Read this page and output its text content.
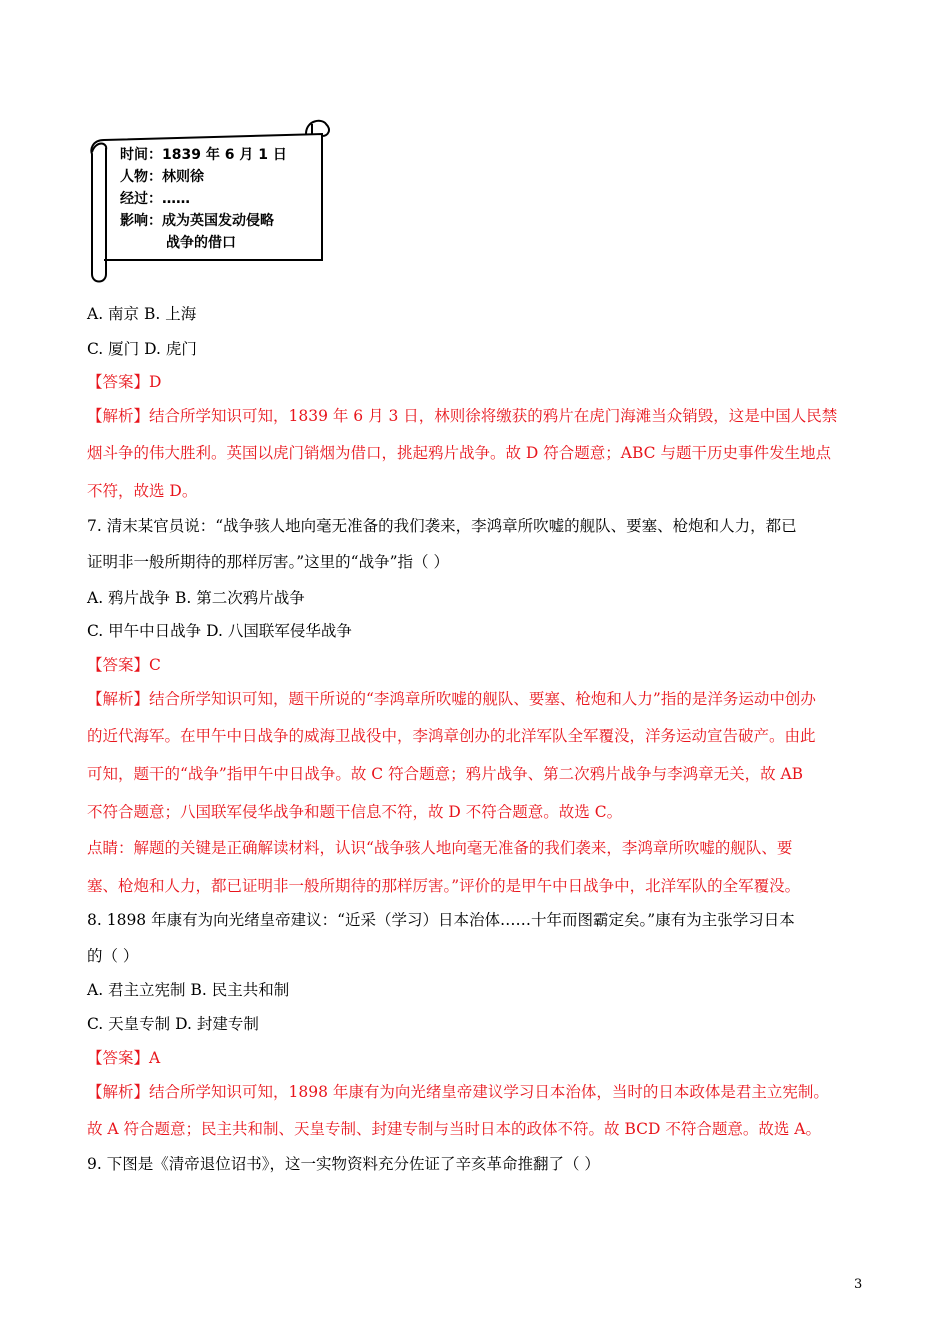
时间：1839 年 6 月 1 日
人物：林则徐
经过：……
影响：成为英国发动侵略
战争的借口
A. 南京 B. 上海
C. 厦门 D. 虎门
【答案】D
【解析】结合所学知识可知，1839 年 6 月 3 日，林则徐将缴获的鸦片在虎门海滩当众销毁，这是中国人民禁
烟斗争的伟大胜利。英国以虎门销烟为借口，挑起鸦片战争。故 D 符合题意；ABC 与题干历史事件发生地点
不符，故选 D。
7. 清末某官员说：“战争骇人地向毫无准备的我们袭来，李鸿章所吹嘘的舰队、要塞、枪炮和人力，都已
证明非一般所期待的那样厉害。”这里的“战争”指（ ）
A. 鸦片战争 B. 第二次鸦片战争
C. 甲午中日战争 D. 八国联军侵华战争
【答案】C
【解析】结合所学知识可知，题干所说的“李鸿章所吹嘘的舰队、要塞、枪炮和人力”指的是洋务运动中创办
的近代海军。在甲午中日战争的威海卫战役中，李鸿章创办的北洋军队全军覆没，洋务运动宣告破产。由此
可知，题干的“战争”指甲午中日战争。故 C 符合题意；鸦片战争、第二次鸦片战争与李鸿章无关，故 AB
不符合题意；八国联军侵华战争和题干信息不符，故 D 不符合题意。故选 C。
点睛：解题的关键是正确解读材料，认识“战争骇人地向毫无准备的我们袭来，李鸿章所吹嘘的舰队、要
塞、枪炮和人力，都已证明非一般所期待的那样厉害。”评价的是甲午中日战争中，北洋军队的全军覆没。
8. 1898 年康有为向光绪皇帝建议：“近采（学习）日本治体……十年而图霸定矣。”康有为主张学习日本
的（ ）
A. 君主立宪制 B. 民主共和制
C. 天皇专制 D. 封建专制
【答案】A
【解析】结合所学知识可知，1898 年康有为向光绪皇帝建议学习日本治体，当时的日本政体是君主立宪制。
故 A 符合题意；民主共和制、天皇专制、封建专制与当时日本的政体不符。故 BCD 不符合题意。故选 A。
9. 下图是《清帝退位诏书》，这一实物资料充分佐证了辛亥革命推翻了（ ）
3
